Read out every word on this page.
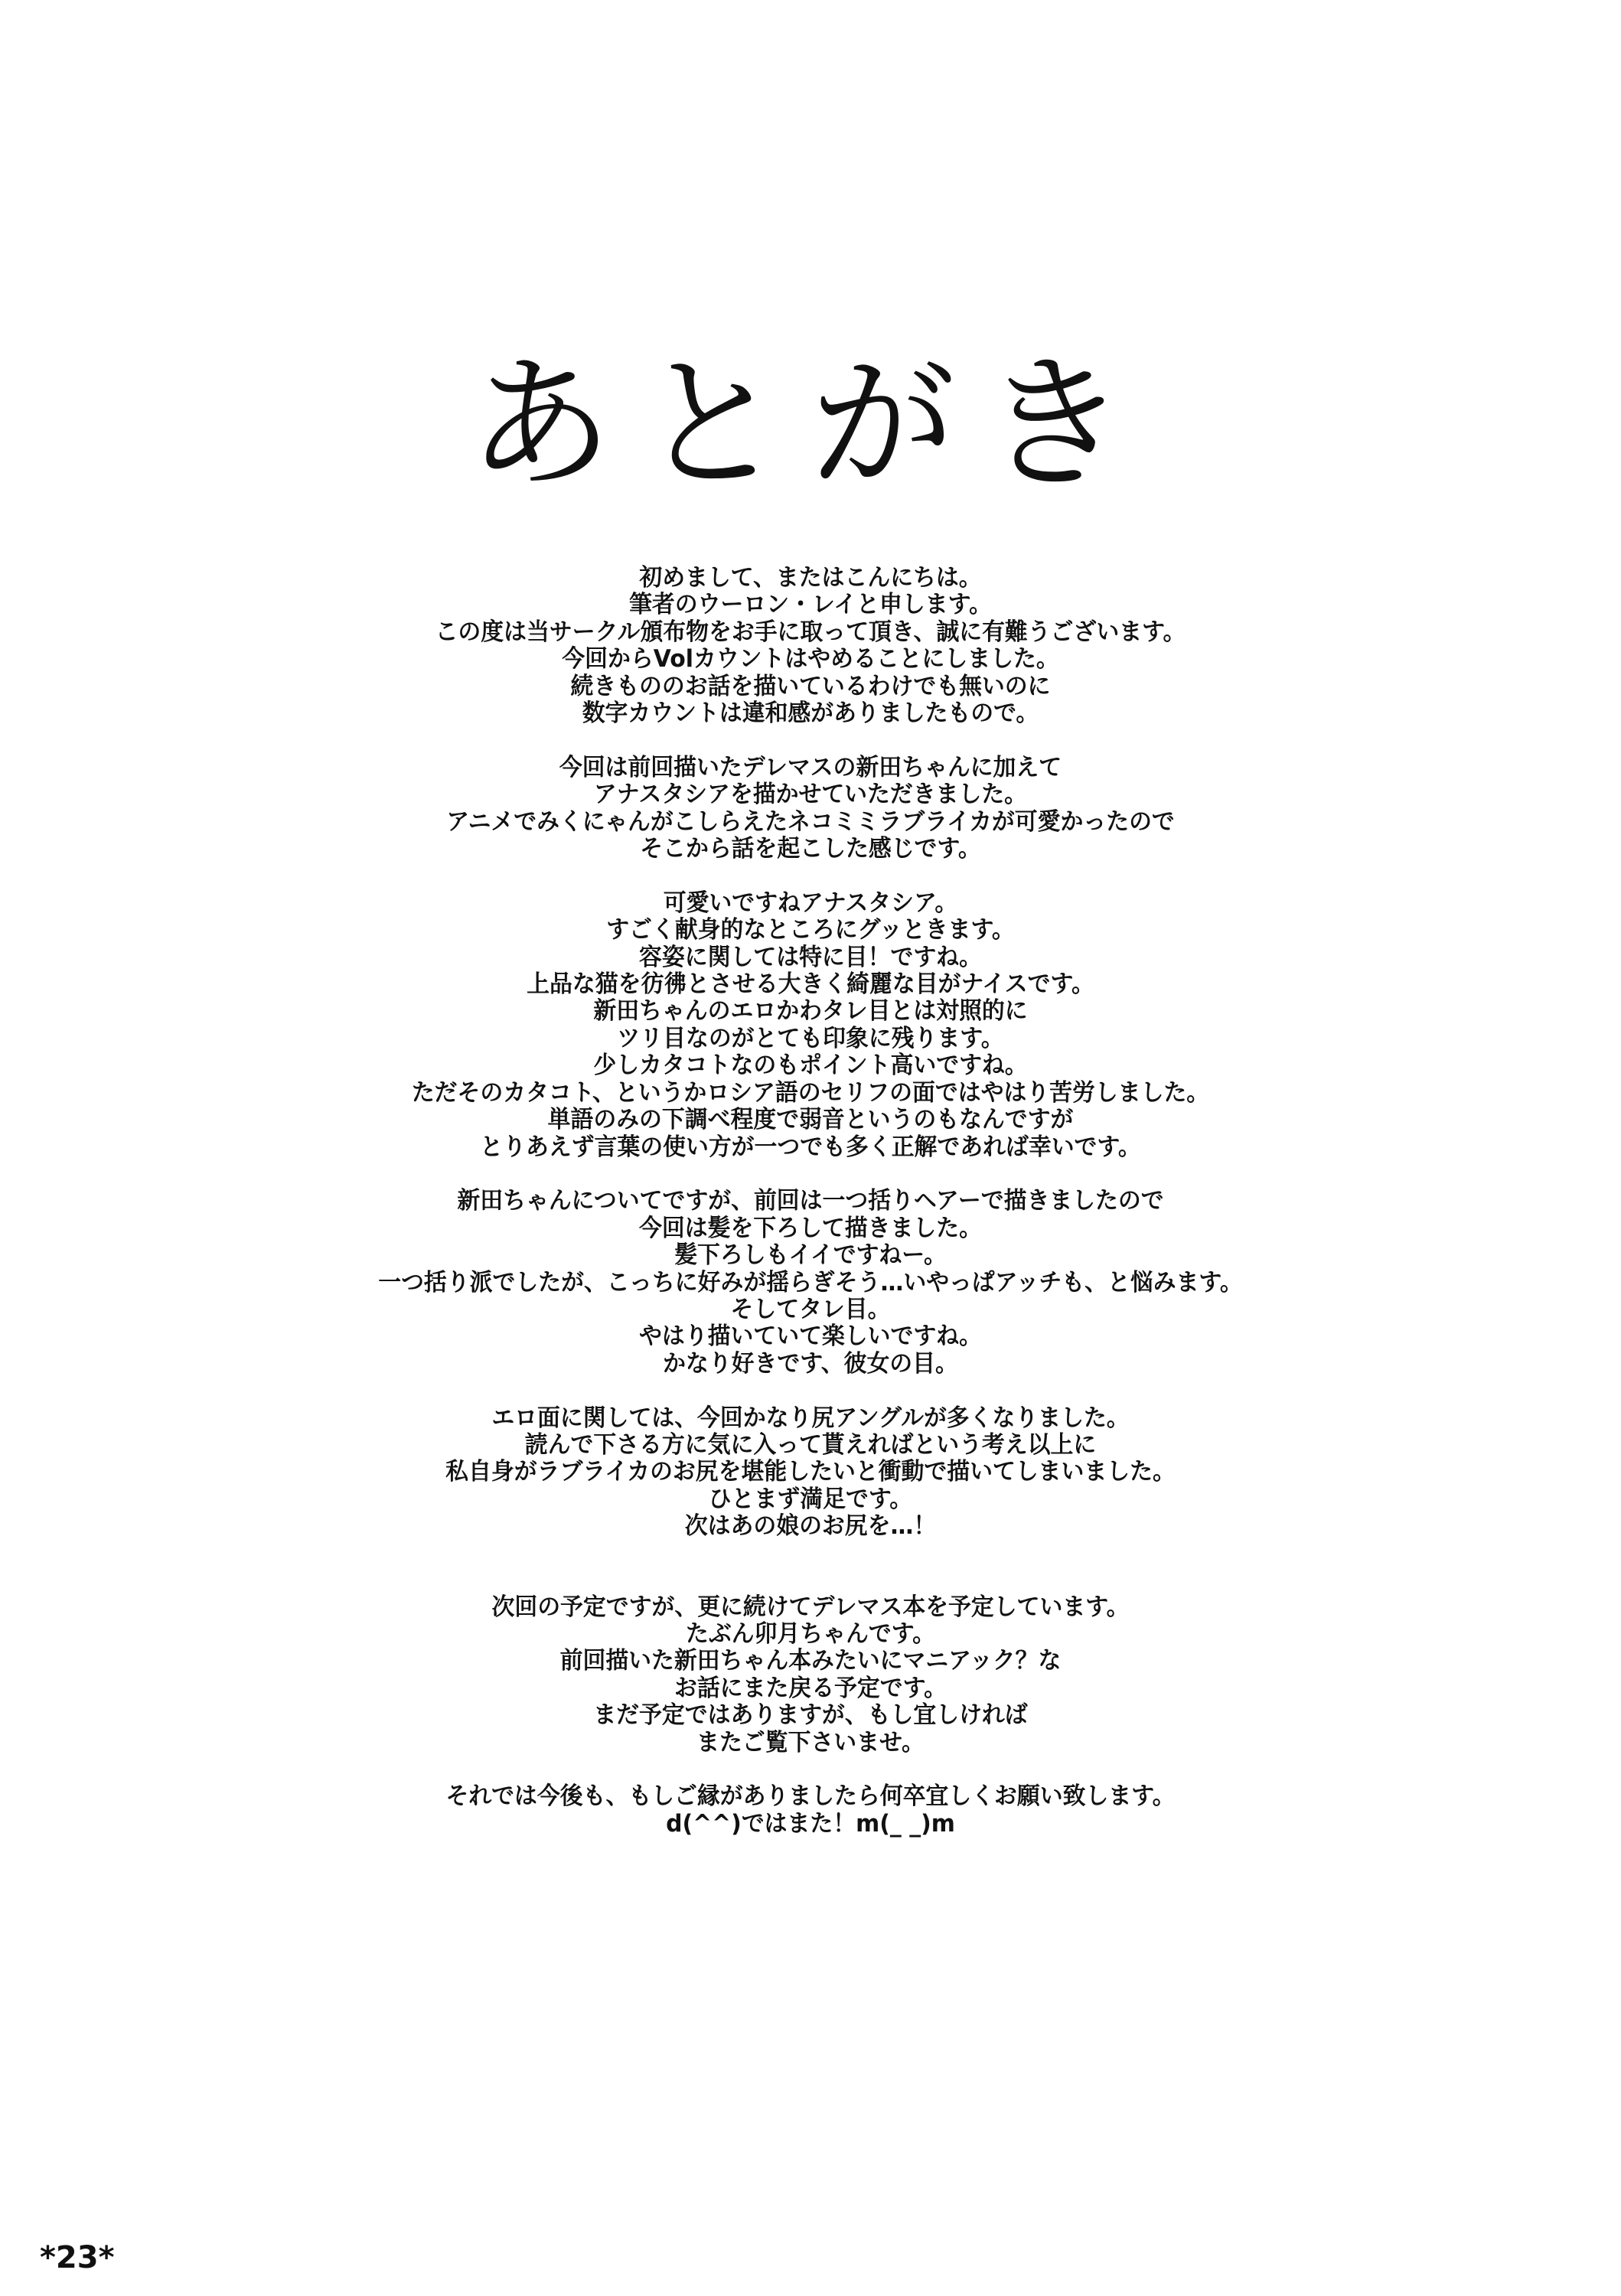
あとがき
初めまして、またはこんにちは。
筆者のウーロン・レイと申します。
この度は当サークル頒布物をお手に取って頂き、誠に有難うございます。
今回からVolカウントはやめることにしました。
続きもののお話を描いているわけでも無いのに
数字カウントは違和感がありましたもので。
今回は前回描いたデレマスの新田ちゃんに加えて
アナスタシアを描かせていただきました。
アニメでみくにゃんがこしらえたネコミミラブライカが可愛かったので
そこから話を起こした感じです。
可愛いですねアナスタシア。
すごく献身的なところにグッときます。
容姿に関しては特に目！ですね。
上品な猫を彷彿とさせる大きく綺麗な目がナイスです。
新田ちゃんのエロかわタレ目とは対照的に
ツリ目なのがとても印象に残ります。
少しカタコトなのもポイント高いですね。
ただそのカタコト、というかロシア語のセリフの面ではやはり苦労しました。
単語のみの下調べ程度で弱音というのもなんですが
とりあえず言葉の使い方が一つでも多く正解であれば幸いです。
新田ちゃんについてですが、前回は一つ括りヘアーで描きましたので
今回は髪を下ろして描きました。
髪下ろしもイイですねー。
一つ括り派でしたが、こっちに好みが揺らぎそう…いやっぱアッチも、と悩みます。
そしてタレ目。
やはり描いていて楽しいですね。
かなり好きです、彼女の目。
エロ面に関しては、今回かなり尻アングルが多くなりました。
読んで下さる方に気に入って貰えればという考え以上に
私自身がラブライカのお尻を堪能したいと衝動で描いてしまいました。
ひとまず満足です。
次はあの娘のお尻を…！
次回の予定ですが、更に続けてデレマス本を予定しています。
たぶん卯月ちゃんです。
前回描いた新田ちゃん本みたいにマニアック？な
お話にまた戻る予定です。
まだ予定ではありますが、もし宜しければ
またご覧下さいませ。
それでは今後も、もしご縁がありましたら何卒宜しくお願い致します。
d(^^)ではまた！m(_ _)m
*23*
